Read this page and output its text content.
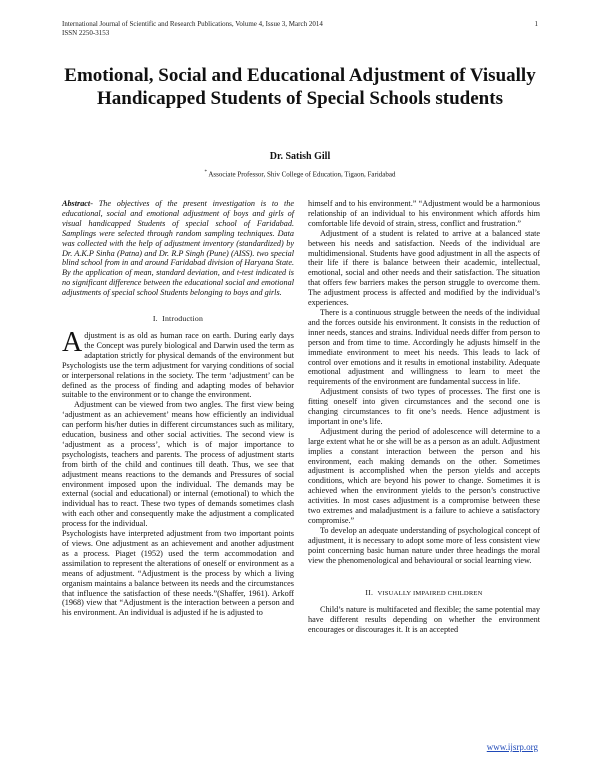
International Journal of Scientific and Research Publications, Volume 4, Issue 3, March 2014
ISSN 2250-3153
1
Emotional, Social and Educational Adjustment of Visually Handicapped Students of Special Schools students
Dr. Satish Gill
* Associate Professor, Shiv College of Education, Tigaon, Faridabad

Abstract- The objectives of the present investigation is to the educational, social and emotional adjustment of boys and girls of visual handicapped Students of special school of Faridabad. Samplings were selected through random sampling techniques. Data was collected with the help of adjustment inventory (standardized) by Dr. A.K.P Sinha (Patna) and Dr. R.P Singh (Pune) (AISS). two special blind school from in and around Faridabad division of Haryana State. By the application of mean, standard deviation, and t-test indicated is no significant difference between the educational social and emotional adjustments of special school Students belonging to boys and girls.

I. Introduction

Adjustment is as old as human race on earth. During early days the Concept was purely biological and Darwin used the term as adaptation strictly for physical demands of the environment but Psychologists use the term adjustment for varying conditions of social or interpersonal relations in the society. The term ‘adjustment’ can be defined as the process of finding and adapting modes of behavior suitable to the environment or to change the environment.

Adjustment can be viewed from two angles. The first view being ‘adjustment as an achievement’ means how efficiently an individual can perform his/her duties in different circumstances such as military, education, business and other social activities. The second view is ‘adjustment as a process’, which is of major importance to psychologists, teachers and parents. The process of adjustment starts from birth of the child and continues till death. Thus, we see that adjustment means reactions to the demands and Pressures of social environment imposed upon the individual. The demands may be external (social and educational) or internal (emotional) to which the individual has to react. These two types of demands sometimes clash with each other and consequently make the adjustment a complicated process for the individual.

Psychologists have interpreted adjustment from two important points of views. One adjustment as an achievement and another adjustment as a process. Piaget (1952) used the term accommodation and assimilation to represent the alterations of oneself or environment as a means of adjustment. “Adjustment is the process by which a living organism maintains a balance between its needs and the circumstances that influence the satisfaction of these needs.”(Shaffer, 1961). Arkoff (1968) view that “Adjustment is the interaction between a person and his environment. An individual is adjusted if he is adjusted to

himself and to his environment.” “Adjustment would be a harmonious relationship of an individual to his environment which affords him comfortable life devoid of strain, stress, conflict and frustration.”

Adjustment of a student is related to arrive at a balanced state between his needs and satisfaction. Needs of the individual are multidimensional. Students have good adjustment in all the aspects of their life if there is balance between their academic, intellectual, emotional, social and other needs and their satisfaction. The situation that offers few barriers makes the person struggle to overcome them. The adjustment process is affected and modified by the individual’s experiences.

There is a continuous struggle between the needs of the individual and the forces outside his environment. It consists in the reduction of inner needs, stances and strains. Individual needs differ from person to person and from time to time. Accordingly he adjusts himself in the immediate environment to meet his needs. This leads to lack of control over emotions and it results in emotional instability. Adequate emotional adjustment and willingness to learn to meet the requirements of the environment are fundamental success in life.

Adjustment consists of two types of processes. The first one is fitting oneself into given circumstances and the second one is changing circumstances to fit one’s needs. Hence adjustment is important in one’s life.

Adjustment during the period of adolescence will determine to a large extent what he or she will be as a person as an adult. Adjustment implies a constant interaction between the person and his environment, each making demands on the other. Sometimes adjustment is accomplished when the person yields and accepts conditions, which are beyond his power to change. Sometimes it is achieved when the environment yields to the person’s constructive activities. In most cases adjustment is a compromise between these two extremes and maladjustment is a failure to achieve a satisfactory compromise.”

To develop an adequate understanding of psychological concept of adjustment, it is necessary to adopt some more of less consistent view point concerning basic human nature under three headings the moral view the phenomenological and behavioural or social learning view.

II. VISUALLY IMPAIRED CHILDREN

Child’s nature is multifaceted and flexible; the same potential may have different results depending on whether the environment encourages or discourages it. It is an accepted

www.ijsrp.org
